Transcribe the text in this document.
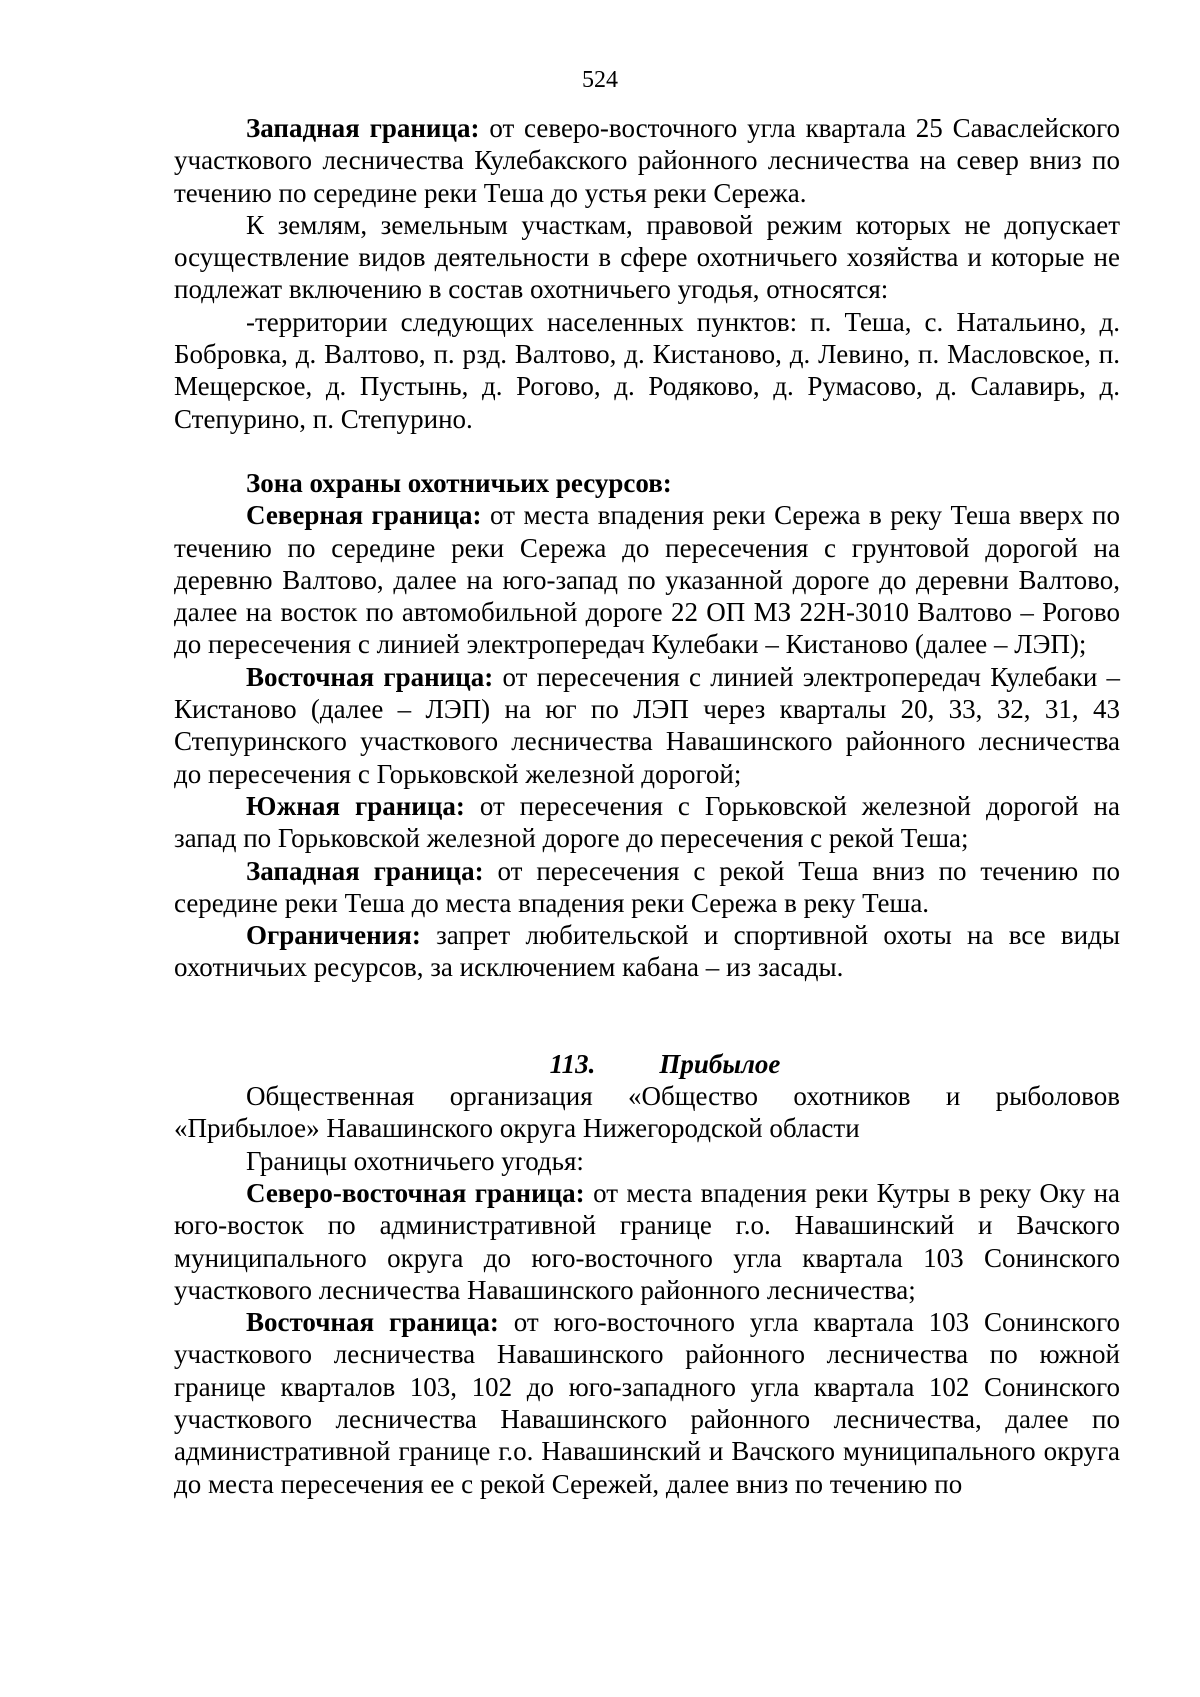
524

Западная граница: от северо-восточного угла квартала 25 Саваслейского участкового лесничества Кулебакского районного лесничества на север вниз по течению по середине реки Теша до устья реки Сережа.

К землям, земельным участкам, правовой режим которых не допускает осуществление видов деятельности в сфере охотничьего хозяйства и которые не подлежат включению в состав охотничьего угодья, относятся:

-территории следующих населенных пунктов: п. Теша, с. Натальино, д. Бобровка, д. Валтово, п. рзд. Валтово, д. Кистаново, д. Левино, п. Масловское, п. Мещерское, д. Пустынь, д. Рогово, д. Родяково, д. Румасово, д. Салавирь, д. Степурино, п. Степурино.

Зона охраны охотничьих ресурсов:

Северная граница: от места впадения реки Сережа в реку Теша вверх по течению по середине реки Сережа до пересечения с грунтовой дорогой на деревню Валтово, далее на юго-запад по указанной дороге до деревни Валтово, далее на восток по автомобильной дороге 22 ОП МЗ 22Н-3010 Валтово – Рогово до пересечения с линией электропередач Кулебаки – Кистаново (далее – ЛЭП);

Восточная граница: от пересечения с линией электропередач Кулебаки – Кистаново (далее – ЛЭП) на юг по ЛЭП через кварталы 20, 33, 32, 31, 43 Степуринского участкового лесничества Навашинского районного лесничества до пересечения с Горьковской железной дорогой;

Южная граница: от пересечения с Горьковской железной дорогой на запад по Горьковской железной дороге до пересечения с рекой Теша;

Западная граница: от пересечения с рекой Теша вниз по течению по середине реки Теша до места впадения реки Сережа в реку Теша.

Ограничения: запрет любительской и спортивной охоты на все виды охотничьих ресурсов, за исключением кабана – из засады.

113. Прибылое

Общественная организация «Общество охотников и рыболовов «Прибылое» Навашинского округа Нижегородской области

Границы охотничьего угодья:

Северо-восточная граница: от места впадения реки Кутры в реку Оку на юго-восток по административной границе г.о. Навашинский и Вачского муниципального округа до юго-восточного угла квартала 103 Сонинского участкового лесничества Навашинского районного лесничества;

Восточная граница: от юго-восточного угла квартала 103 Сонинского участкового лесничества Навашинского районного лесничества по южной границе кварталов 103, 102 до юго-западного угла квартала 102 Сонинского участкового лесничества Навашинского районного лесничества, далее по административной границе г.о. Навашинский и Вачского муниципального округа до места пересечения ее с рекой Сережей, далее вниз по течению по
